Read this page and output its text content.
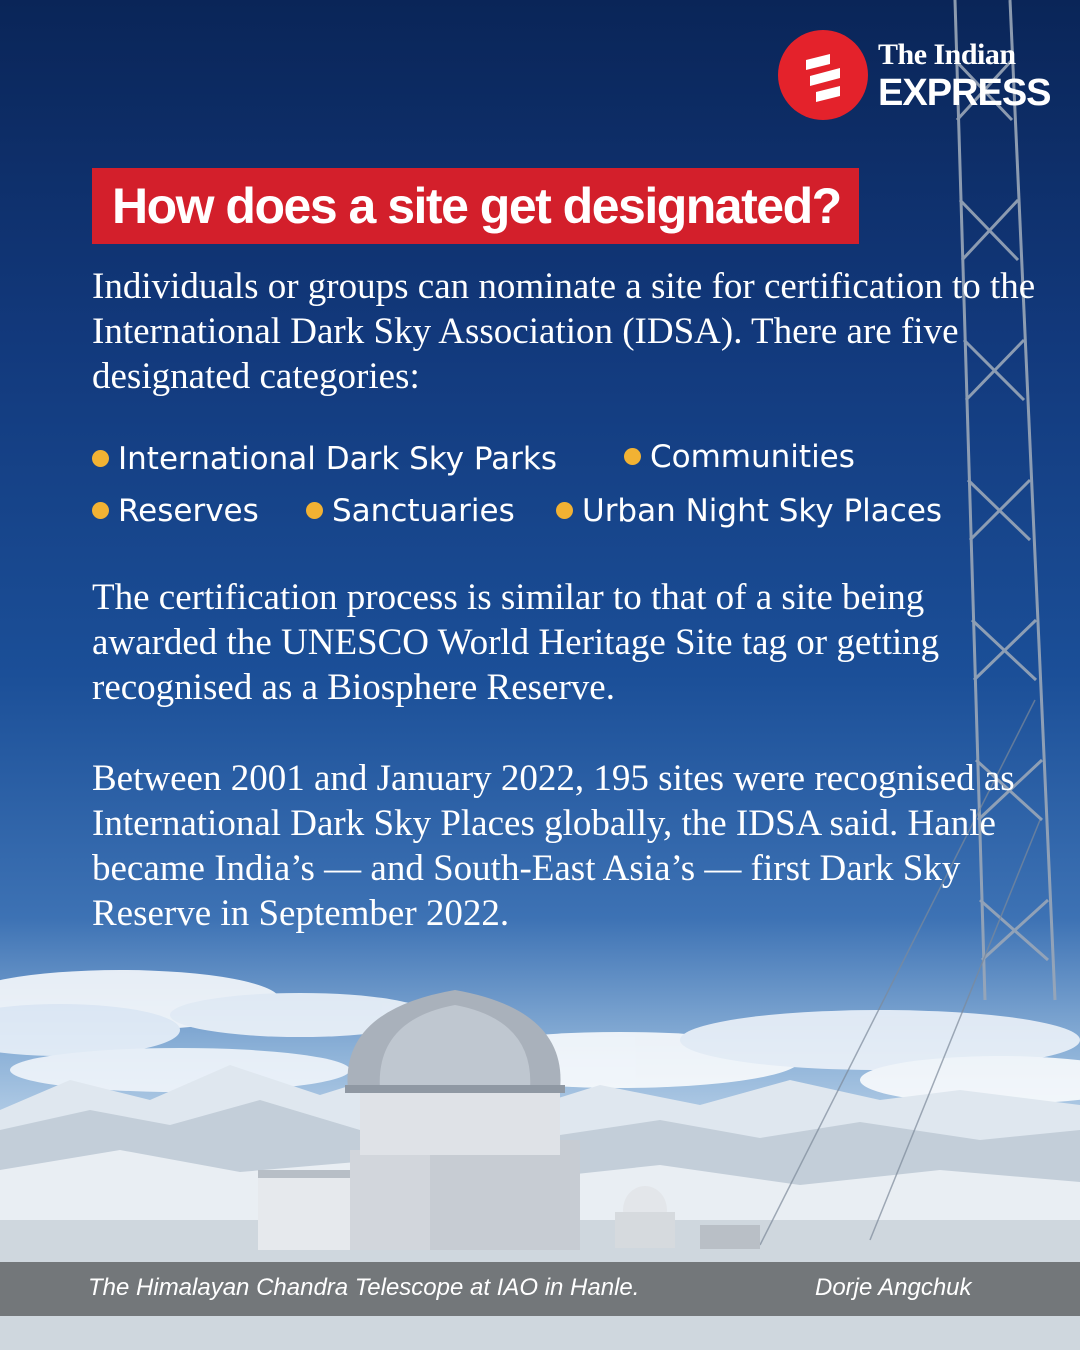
The Indian
EXPRESS
How does a site get designated?

Individuals or groups can nominate a site for certification to the International Dark Sky Association (IDSA). There are five designated categories:

International Dark Sky Parks	Communities
Reserves	Sanctuaries	Urban Night Sky Places

The certification process is similar to that of a site being awarded the UNESCO World Heritage Site tag or getting recognised as a Biosphere Reserve.

Between 2001 and January 2022, 195 sites were recognised as International Dark Sky Places globally, the IDSA said. Hanle became India’s — and South-East Asia’s — first Dark Sky Reserve in September 2022.

The Himalayan Chandra Telescope at IAO in Hanle.	Dorje Angchuk
